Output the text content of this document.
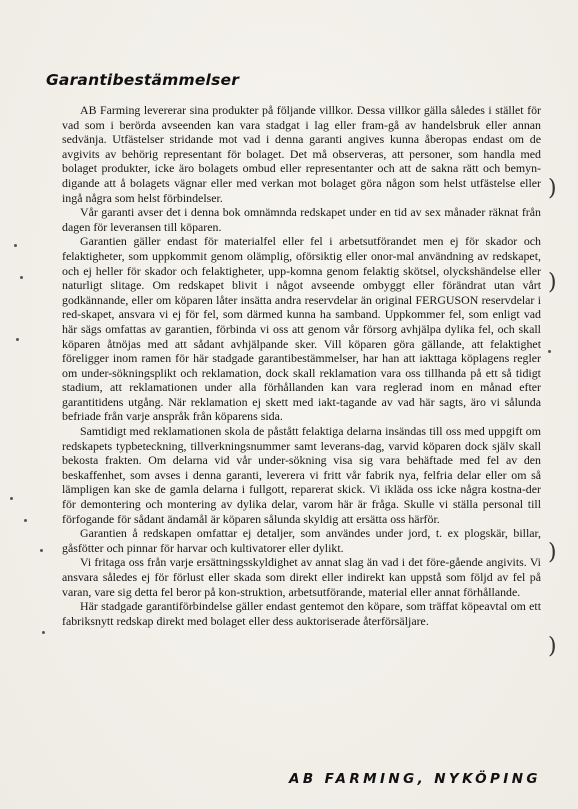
Garantibestämmelser

AB Farming levererar sina produkter på följande villkor. Dessa villkor gälla således i stället för vad som i berörda avseenden kan vara stadgat i lag eller fram-gå av handelsbruk eller annan sedvänja. Utfästelser stridande mot vad i denna garanti angives kunna åberopas endast om de avgivits av behörig representant för bolaget. Det må observeras, att personer, som handla med bolaget produkter, icke äro bolagets ombud eller representanter och att de sakna rätt och bemyn-digande att å bolagets vägnar eller med verkan mot bolaget göra någon som helst utfästelse eller ingå några som helst förbindelser.

Vår garanti avser det i denna bok omnämnda redskapet under en tid av sex månader räknat från dagen för leveransen till köparen.

Garantien gäller endast för materialfel eller fel i arbetsutförandet men ej för skador och felaktigheter, som uppkommit genom olämplig, oförsiktig eller onor-mal användning av redskapet, och ej heller för skador och felaktigheter, upp-komna genom felaktig skötsel, olyckshändelse eller naturligt slitage. Om redskapet blivit i något avseende ombyggt eller förändrat utan vårt godkännande, eller om köparen låter insätta andra reservdelar än original FERGUSON reservdelar i red-skapet, ansvara vi ej för fel, som därmed kunna ha samband. Uppkommer fel, som enligt vad här sägs omfattas av garantien, förbinda vi oss att genom vår försorg avhjälpa dylika fel, och skall köparen åtnöjas med att sådant avhjälpande sker. Vill köparen göra gällande, att felaktighet föreligger inom ramen för här stadgade garantibestämmelser, har han att iakttaga köplagens regler om under-sökningsplikt och reklamation, dock skall reklamation vara oss tillhanda på ett så tidigt stadium, att reklamationen under alla förhållanden kan vara reglerad inom en månad efter garantitidens utgång. När reklamation ej skett med iakt-tagande av vad här sagts, äro vi sålunda befriade från varje anspråk från köparens sida.

Samtidigt med reklamationen skola de påstått felaktiga delarna insändas till oss med uppgift om redskapets typbeteckning, tillverkningsnummer samt leverans-dag, varvid köparen dock själv skall bekosta frakten. Om delarna vid vår under-sökning visa sig vara behäftade med fel av den beskaffenhet, som avses i denna garanti, leverera vi fritt vår fabrik nya, felfria delar eller om så lämpligen kan ske de gamla delarna i fullgott, reparerat skick. Vi ikläda oss icke några kostna-der för demontering och montering av dylika delar, varom här är fråga. Skulle vi ställa personal till förfogande för sådant ändamål är köparen sålunda skyldig att ersätta oss härför.

Garantien å redskapen omfattar ej detaljer, som användes under jord, t. ex plogskär, billar, gåsfötter och pinnar för harvar och kultivatorer eller dylikt.

Vi fritaga oss från varje ersättningsskyldighet av annat slag än vad i det före-gående angivits. Vi ansvara således ej för förlust eller skada som direkt eller indirekt kan uppstå som följd av fel på varan, vare sig detta fel beror på kon-struktion, arbetsutförande, material eller annat förhållande.

Här stadgade garantiförbindelse gäller endast gentemot den köpare, som träffat köpeavtal om ett fabriksnytt redskap direkt med bolaget eller dess auktoriserade återförsäljare.

AB FARMING, NYKÖPING
)
)
)
)
